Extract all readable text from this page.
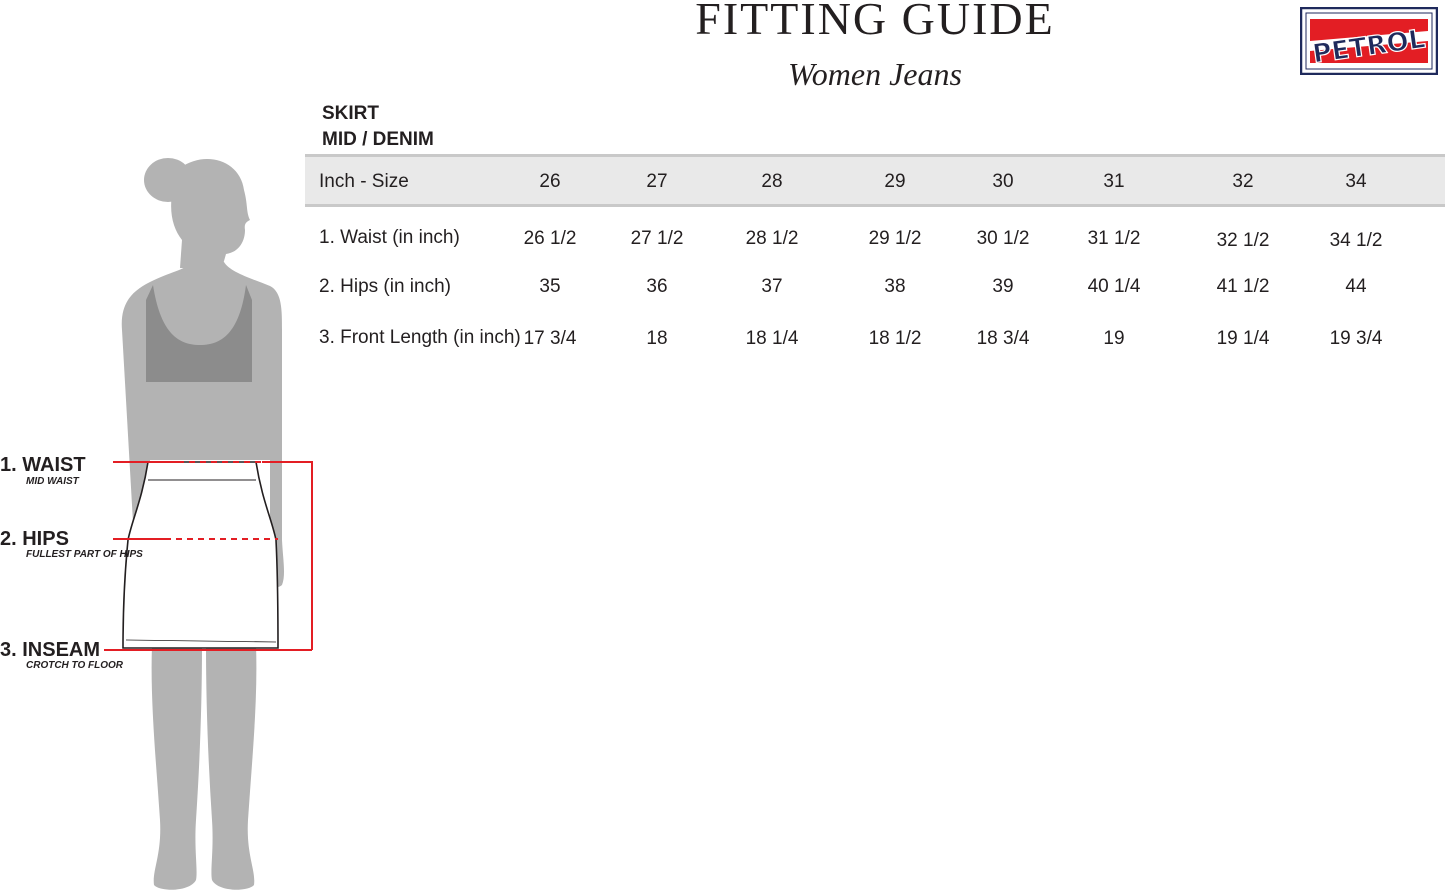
FITTING GUIDE
Women Jeans
PETROL
SKIRT
MID / DENIM
Inch - Size	26	27	28	29	30	31	32	34
1. Waist (in inch)	26 1/2	27 1/2	28 1/2	29 1/2	30 1/2	31 1/2	32 1/2	34 1/2
2. Hips (in inch)	35	36	37	38	39	40 1/4	41 1/2	44
3. Front Length (in inch) 17 3/4	18	18 1/4	18 1/2	18 3/4	19	19 1/4	19 3/4
1. WAIST
MID WAIST
2. HIPS
FULLEST PART OF HIPS
3. INSEAM
CROTCH TO FLOOR
